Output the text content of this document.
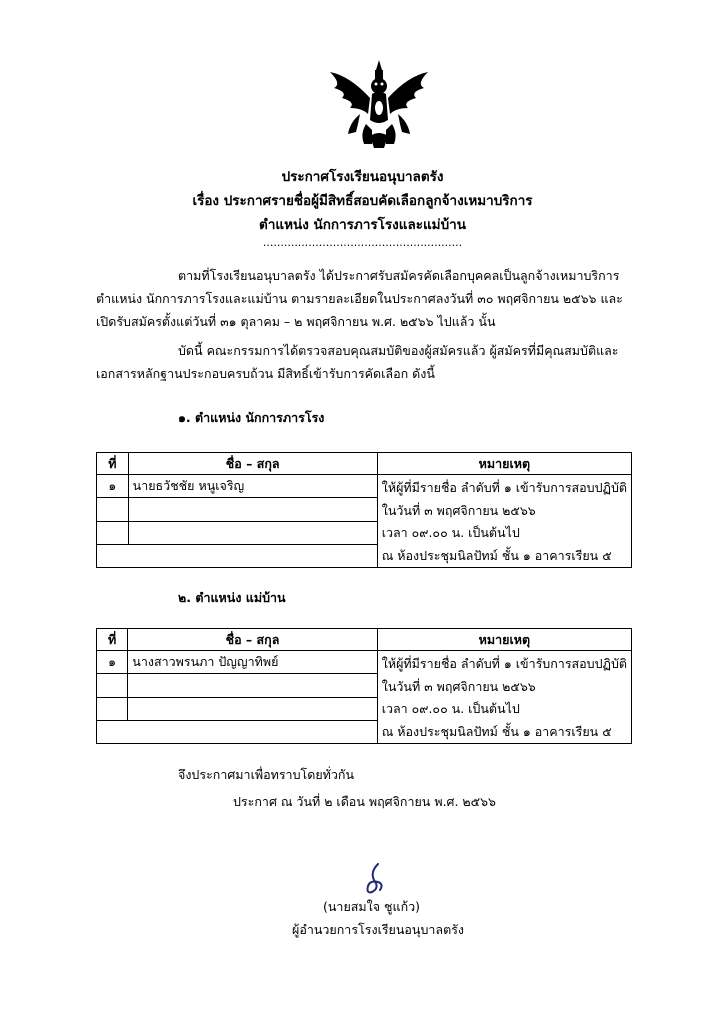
ประกาศโรงเรียนอนุบาลตรัง
เรื่อง ประกาศรายชื่อผู้มีสิทธิ์สอบคัดเลือกลูกจ้างเหมาบริการ
ตำแหน่ง นักการภารโรงและแม่บ้าน
.........................................................
ตามที่โรงเรียนอนุบาลตรัง ได้ประกาศรับสมัครคัดเลือกบุคคลเป็นลูกจ้างเหมาบริการ
ตำแหน่ง นักการภารโรงและแม่บ้าน ตามรายละเอียดในประกาศลงวันที่ ๓๐ พฤศจิกายน ๒๕๖๖ และ
เปิดรับสมัครตั้งแต่วันที่ ๓๑ ตุลาคม – ๒ พฤศจิกายน พ.ศ. ๒๕๖๖ ไปแล้ว นั้น
บัดนี้ คณะกรรมการได้ตรวจสอบคุณสมบัติของผู้สมัครแล้ว ผู้สมัครที่มีคุณสมบัติและ
เอกสารหลักฐานประกอบครบถ้วน มีสิทธิ์เข้ารับการคัดเลือก ดังนี้
๑. ตำแหน่ง นักการภารโรง
ที่	ชื่อ – สกุล	หมายเหตุ
๑	นายธวัชชัย หนูเจริญ	ให้ผู้ที่มีรายชื่อ ลำดับที่ ๑ เข้ารับการสอบปฏิบัติ
ในวันที่ ๓ พฤศจิกายน ๒๕๖๖
เวลา ๐๙.๐๐ น. เป็นต้นไป
ณ ห้องประชุมนิลปัทม์ ชั้น ๑ อาคารเรียน ๕

๒. ตำแหน่ง แม่บ้าน
ที่	ชื่อ – สกุล	หมายเหตุ
๑	นางสาวพรนภา ปัญญาทิพย์	ให้ผู้ที่มีรายชื่อ ลำดับที่ ๑ เข้ารับการสอบปฏิบัติ
ในวันที่ ๓ พฤศจิกายน ๒๕๖๖
เวลา ๐๙.๐๐ น. เป็นต้นไป
ณ ห้องประชุมนิลปัทม์ ชั้น ๑ อาคารเรียน ๕

จึงประกาศมาเพื่อทราบโดยทั่วกัน
ประกาศ ณ วันที่ ๒ เดือน พฤศจิกายน พ.ศ. ๒๕๖๖
(นายสมใจ ชูแก้ว)
ผู้อำนวยการโรงเรียนอนุบาลตรัง
